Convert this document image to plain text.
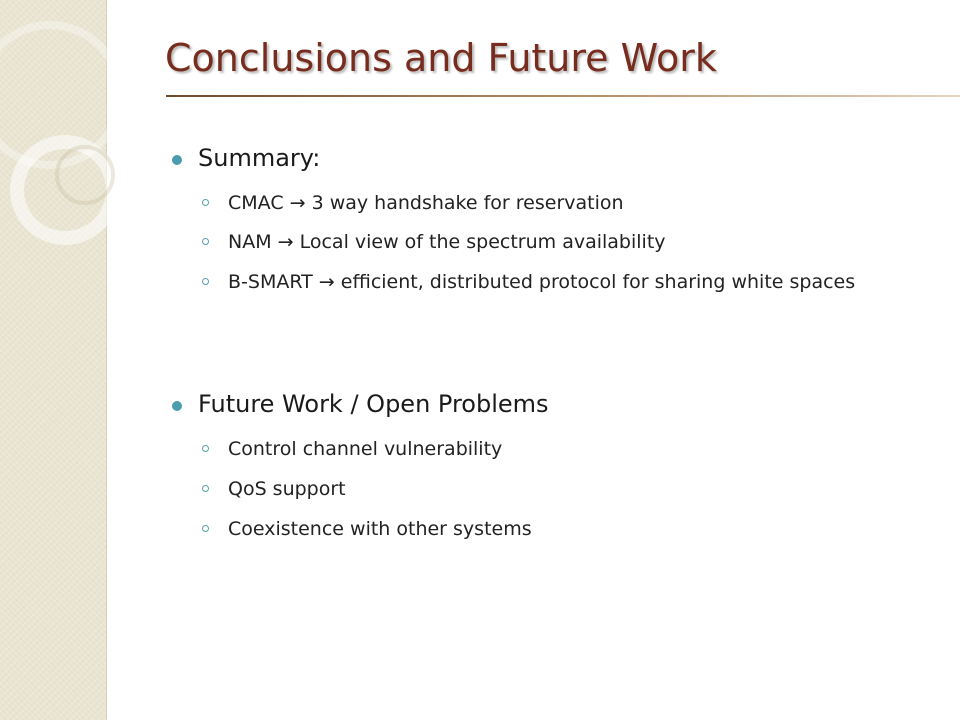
Conclusions and Future Work
Summary:
CMAC → 3 way handshake for reservation
NAM → Local view of the spectrum availability
B-SMART → efficient, distributed protocol for sharing white spaces
Future Work / Open Problems
Control channel vulnerability
QoS support
Coexistence with other systems
